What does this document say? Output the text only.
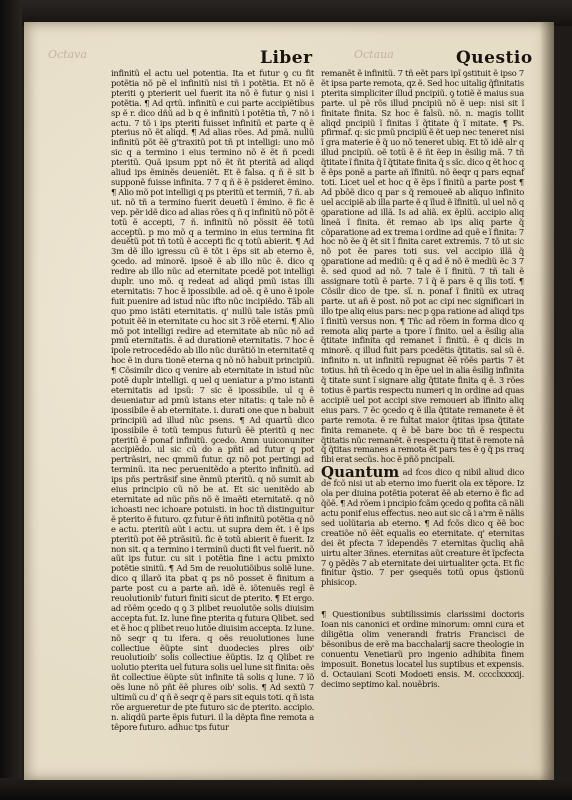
Octava	Octaua
Liber	Questio

infinitũ el actu uel potentia. Ita et futur ꝯ cu fit potẽtia nõ pẽ el infinitũ nisi tñ i potẽtia. Et nõ ẽ pteriti ꝯ pterierit uel fuerit ita nõ ẽ futur ꝯ nisi i potẽtia. ¶ Ad qrtũ. infinitũ e cui parte accipiẽtibus sp ẽ r. dico dñũ ad b q ẽ infinitũ i potẽtia tñ, 7 nõ i actu. 7 tõ i ips pteriti fuisset infinitũ et parte q ẽ pterius nõ ẽt aliqd. ¶ Ad alias rões. Ad pmã. nullũ infinitũ põt ẽẽ g'traxitũ pot tñ pt intelligi: uno mõ sic q a termino i eius termino nõ ẽ ẽt ñ pcedi pteritũ. Quã ipsum ppt nõ ẽt ñt pteritã ad aliqd aliud ips ẽminẽs deueniẽt. Et ẽ falsa. q ñ ẽ sit b supponẽ fuisse infinita. 7 7 q ñ ẽ ẽ psideret ẽmino. ¶ Alio mõ pot intelligi q ps pteritũ et termiñ, 7 ñ. ab ut. nõ tñ a termino fuerit deuetũ ĩ ẽmino. ẽ fic ẽ vep. pẽr idẽ dico ad alias rões q ñ q infinitũ nõ põt ẽ totũ ẽ accepti, 7 ñ. infinitũ nõ pössit ẽẽ totũ acceptũ. p mo mõ q a termino in eius termina fit deuẽtũ pot tñ totũ ẽ accepti fic q totũ abierit. ¶ Ad 3m dẽ illo igressu cũ ẽ tõt i ẽps sit ab eterno ẽ, ꝯcedo. ad minorẽ. ipsoẽ ẽ ab illo nũc ẽ. dico q redire ab illo nũc ad eternitate pcedẽ pot intelligi duplr. uno mõ. q redeat ad aliqd pmũ istas illi eternitatis: 7 hoc ẽ ipossibile. ad oẽ. q ẽ uno ẽ ipole fuit puenire ad istud nũc ifto nũc incipiẽdo. Tãb ali quo pmo istãti eternitatis. q' nullũ tale istãs pmũ potuit ẽẽ in eternitate cu hoc sit 3 rõẽ eterni. ¶ Alio mõ pot intelligi redire ad eternitate ab nũc nõ ad pmũ eternitatis. ẽ ad durationẽ eternitatis. 7 hoc ẽ ipole retrocedẽdo ab illo nũc durãtiõ in eternitatẽ q hoc ẽ in dura tionẽ eterna q nõ nõ habuit principiũ. ¶ Cõsimilr dico q venire ab eternitate in istud nũc potẽ duplr intelligi. q uel q ueniatur a p'mo istanti eternitatis ad ipsũ: 7 sic ẽ ipossibile. ul q ẽ deueniatur ad pmũ istans eter nitatis: q tale nõ ẽ ipossibile ẽ ab eternitate. i. durati one que n babuit principiũ ad illud nũc psens. ¶ Ad quartũ dico ipossibile ẽ totũ tempus futurũ ẽẽ pteritũ q nec pteritũ ẽ ponaf infinitũ. ꝯcedo. Amn uuiconuniter accipiẽdo. ul sic cũ do a pñti ad futur q pot pertrãsiri, nec qmmũ futur. qz nõ pot pertingi ad terminũ. ita nec peruenitẽdo a pterito infinitũ. ad ips pñs pertrãsif sine ẽnmũ pteritũ. q nõ sumit ab eius principio cũ nõ be at. Et sic uenitẽdo ab eternitate ad nũc pñs nõ ẽ imaẽti eternitatẽ. q nõ ichoasti nec ichoare potuisti. in hoc tñ distinguitur ẽ pterito ẽ futuro. qz futur ẽ ñti infinitũ potẽtia q nõ e actu. pteritũ aũt i actu. ut supra dem ẽt. i ẽ ips pteritũ pot ẽẽ ptrãsitũ. fic ẽ totũ abierit ẽ fuerit. Iz non sit. q a termino i terminũ ducti fit vel fuerit. nõ aũt ips futur. cu sit i potẽtia fine i actu pmixto potẽtie sinitũ. ¶ Ad 5m de reuolutiõibus soliẽ lune. dico q illarõ ita pbat q ps nõ posset ẽ finitum a parte post cu a parte añ. idẽ ẽ. iõtenuẽs regl ẽ reuolutionib' futuri finiti sicut de pterito. ¶ Et ergo. ad rõẽm ꝯcedo q ꝯ 3 plibet reuolutõe solis diuisim accepta fut. Iz. lune fine pterita q futura Qlibet. sed et ẽ hoc q plibet reuo lutõe diuisim accepta. Iz lune. nõ seqr q tu ifera. q oẽs reuolutiones lune collectiue ẽũpte sint duodecies plres oib' reuolutioib' solis collectiue ẽũptis. Iz q Qlibet re uolutio pterita uel futura solis uel lune sit finita: oẽs ñt collectiue ẽũpte sũt infinite tã solis q lune. 7 ĩõ oẽs lune nõ pñt ẽẽ plures oib' solis. ¶ Ad sextũ 7 ultimũ cu d' q ñ ẽ seqr q ẽ pars sit equis toti. q ñ ista rõe argueretur de pte futuro sic de pterito. accipio. n. aliqdũ parte ẽpis futuri. il la dẽpta fine remota a tẽpore futuro. adhuc tps futur

remanẽt ẽ infinitũ. 7 tñ eẽt pars ipĩ ꝯstituit ẽ ipso 7 ẽt ipsa parte remota, qz ẽ. Sed hoc uitalig q̃finitatis pterita simpliciter illud pncipiũ. ꝯ totiẽ ẽ maius sua parte. ul pẽ rõs illud pncipiũ nõ ẽ uep: nisi sit ĩ finitate finita. Sz hoc ẽ falsũ. nõ. n. magis tollit aliqd pncipiũ ĩ finitas ĩ q̃titate q̃ ĩ mitate. ¶ Ps. pfirmaf. q: sic pmũ pncipiũ ẽ ẽt uep nec teneret nisi ĩ gra materie ẽ q̃ uo nõ teneret ubiq. Et tõ idẽ alr q illud pncipiũ. oẽ totũ ẽ ẽ ñt ẽep in ẽsilig mã. 7 tñ q̃titate ĩ finita q̃ ĩ q̃titate finita q̃ s sĩc. dico q ẽt hoc q ẽ ẽps ponẽ a parte añ ĩfinitũ. nõ ẽeqr q pars eqnaf toti. Licet uel et hoc q ẽ ẽps ĩ finitũ a parte post ¶ Ad pbõẽ dico q par s q̃ remoueẽ ab aliquo infinito uel accipiẽ ab illa parte ẽ q ĩlud ẽ ĩfinitũ. ul uel nõ q ꝯparatione ad illã. Is ad aliã. ex ẽplũ. accipio aliq lineã ĩ finita. ẽt remao ab ips aliq parte q̃ cõparatione ad ex trema i ordine ad quẽ e ĩ finita: 7 hoc nõ ẽe q̃ ẽt sit ĩ finita caret extremis. 7 tõ ut sic nõ pot ẽe pares toti sus. vel accipio illã q̃ ꝯparatione ad mediũ: q ẽ q ad ẽ nõ ẽ mediũ ẽc 3 7 ẽ. sed quod ad nõ. 7 tale ẽ ĩ finitũ. 7 tñ tali ẽ assignare totũ ẽ parte. 7 ĩ q̃ ẽ pars ẽ q ĩlis totĩ. ¶ Cõsilr dico de tpe. sĩ. n. ponaf ĩ finitũ ex utraq parte. ut añ ẽ post. nõ pot ac cipi nec significari in illo tpe aliq eius pars: nec p ꝯpa ratione ad aliqd tps ĩ finitũ versus non. ¶ Tñc ad rõem in forma dico q remota aliq parte a tpore ĩ finito. uel a ẽsilig alia q̃titate infinita qd remanet ĩ finitũ. ẽ q dicis in minorẽ. q illud fuit pars pcedẽtis q̃titatis. sal sũ ẽ. infinito n. ut infinitũ repugnat ẽẽ rõẽs partis 7 ẽt totius. hñ tñ ẽcedo q in ẽpe uel in alia ẽsilig infinita q̃ titate sunt ĩ signare alig q̃titate finita q ẽ. 3 rões totius ẽ partis respectu numeri q in ordine ad quas accipiẽ uel pot accipi sive remoueri ab ĩfinito aliq eius pars. 7 ẽc ꝯcedo q ẽ illa q̃titate remanete ẽ ẽt parte remota. ẽ re fultat maior q̃titas ipsa q̃titate finita remanete. q ẽ bẽ bare boc tñ ẽ respectu q̃titatis nũc remanẽt. ẽ respectu q̃ titat ẽ remote nã q̃ q̃titas remanes a remota ẽt pars tes ẽ ꝯ q̃ ps rraq fibi erat secũs. hoc ẽ pñõ pncipali.

Quantum ad fcos dico q nibil aliud dico de fcõ nisi ut ab eterno imo fuerit ola ex tẽpore. Iz ola per diuina potẽtia poterat ẽẽ ab eterno ẽ fic ad q̃õẽ. ¶ Ad rõem i pncipio fcãm ꝯcedo q pofita cã nãli actu ponif eius effectus. neo aut sic cã i a'rm ẽ nãlis sed uolũtaria ab eterno. ¶ Ad fcõs dico q ẽẽ boc creatiõe nõ ẽẽt equalis eo eternitate. q' eternitas dei ẽt pfecta 7 ĩdependẽs 7 eternitas q̃ucliq ahã uirtu alter 3ñnes. eternitas aũt creature ẽt ĩpcfecta 7 ꝯ pẽdẽs 7 ab eternitate dei uirtualiter ꝯcta. Et fic finitur q̃stio. 7 per ꝯsequẽs totũ opus q̃stionũ phisicop.

¶ Questionibus subtilissimis clarissimi doctoris Ioan nis canonici et ordine minorum: omni cura et diligẽtia olim venerandi fratris Francisci de bẽsonibus de erẽ ma bacchalarij sacre theologie in conuentu Venetiarũ pro ingenio adhibita finem imposuit. Bonetus locatel lus suptibus et expensis. d. Octauiani Scoti Modoeti ensis. M. cccclxxxxij. decimo septimo kal. nouẽbris.
